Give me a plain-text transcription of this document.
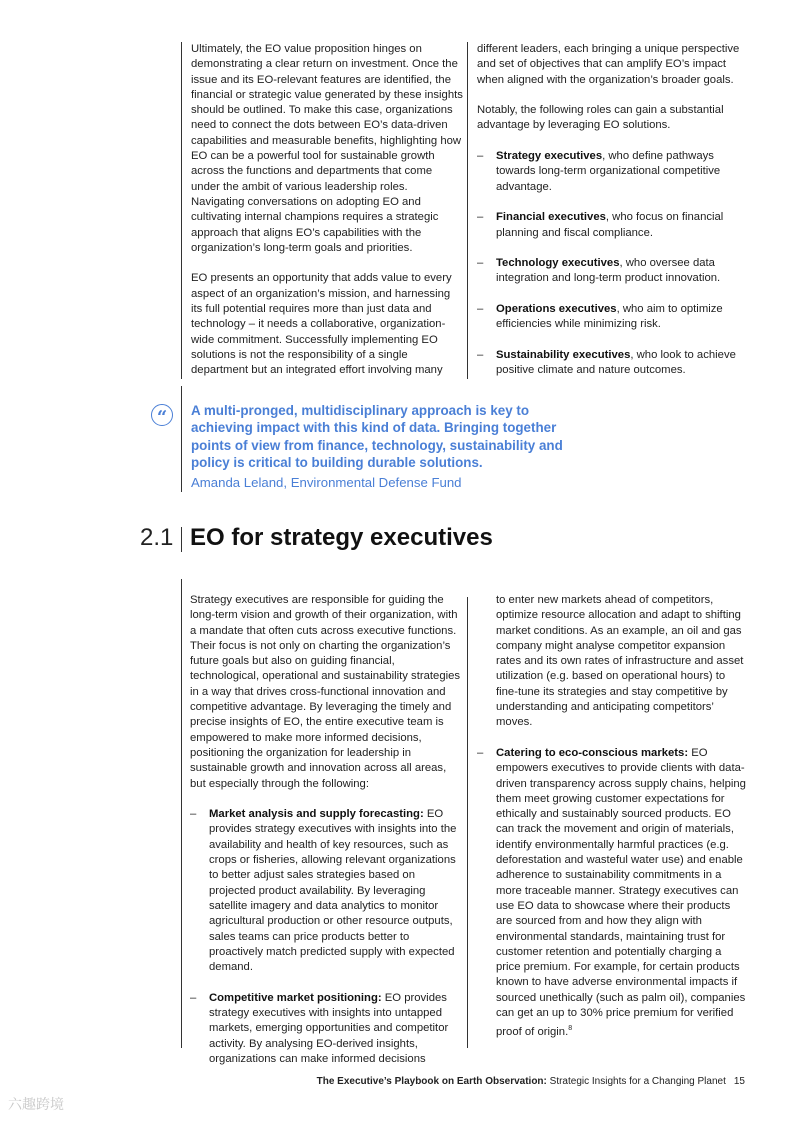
Ultimately, the EO value proposition hinges on demonstrating a clear return on investment. Once the issue and its EO-relevant features are identified, the financial or strategic value generated by these insights should be outlined. To make this case, organizations need to connect the dots between EO’s data-driven capabilities and measurable benefits, highlighting how EO can be a powerful tool for sustainable growth across the functions and departments that come under the ambit of various leadership roles. Navigating conversations on adopting EO and cultivating internal champions requires a strategic approach that aligns EO’s capabilities with the organization’s long-term goals and priorities.

EO presents an opportunity that adds value to every aspect of an organization’s mission, and harnessing its full potential requires more than just data and technology – it needs a collaborative, organization-wide commitment. Successfully implementing EO solutions is not the responsibility of a single department but an integrated effort involving many

different leaders, each bringing a unique perspective and set of objectives that can amplify EO’s impact when aligned with the organization’s broader goals.

Notably, the following roles can gain a substantial advantage by leveraging EO solutions.

– Strategy executives, who define pathways towards long-term organizational competitive advantage.
– Financial executives, who focus on financial planning and fiscal compliance.
– Technology executives, who oversee data integration and long-term product innovation.
– Operations executives, who aim to optimize efficiencies while minimizing risk.
– Sustainability executives, who look to achieve positive climate and nature outcomes.
“	A multi-pronged, multidisciplinary approach is key to achieving impact with this kind of data. Bringing together points of view from finance, technology, sustainability and policy is critical to building durable solutions.
Amanda Leland, Environmental Defense Fund
2.1 EO for strategy executives

Strategy executives are responsible for guiding the long-term vision and growth of their organization, with a mandate that often cuts across executive functions. Their focus is not only on charting the organization’s future goals but also on guiding financial, technological, operational and sustainability strategies in a way that drives cross-functional innovation and competitive advantage. By leveraging the timely and precise insights of EO, the entire executive team is empowered to make more informed decisions, positioning the organization for leadership in sustainable growth and innovation across all areas, but especially through the following:

– Market analysis and supply forecasting: EO provides strategy executives with insights into the availability and health of key resources, such as crops or fisheries, allowing relevant organizations to better adjust sales strategies based on projected product availability. By leveraging satellite imagery and data analytics to monitor agricultural production or other resource outputs, sales teams can price products better to proactively match predicted supply with expected demand.
– Competitive market positioning: EO provides strategy executives with insights into untapped markets, emerging opportunities and competitor activity. By analysing EO-derived insights, organizations can make informed decisions

to enter new markets ahead of competitors, optimize resource allocation and adapt to shifting market conditions. As an example, an oil and gas company might analyse competitor expansion rates and its own rates of infrastructure and asset utilization (e.g. based on operational hours) to fine-tune its strategies and stay competitive by understanding and anticipating competitors’ moves.

– Catering to eco-conscious markets: EO empowers executives to provide clients with data-driven transparency across supply chains, helping them meet growing customer expectations for ethically and sustainably sourced products. EO can track the movement and origin of materials, identify environmentally harmful practices (e.g. deforestation and wasteful water use) and enable adherence to sustainability commitments in a more traceable manner. Strategy executives can use EO data to showcase where their products are sourced from and how they align with environmental standards, maintaining trust for customer retention and potentially charging a price premium. For example, for certain products known to have adverse environmental impacts if sourced unethically (such as palm oil), companies can get an up to 30% price premium for verified proof of origin.$^8$
The Executive’s Playbook on Earth Observation: Strategic Insights for a Changing Planet 15
六趣跨境
